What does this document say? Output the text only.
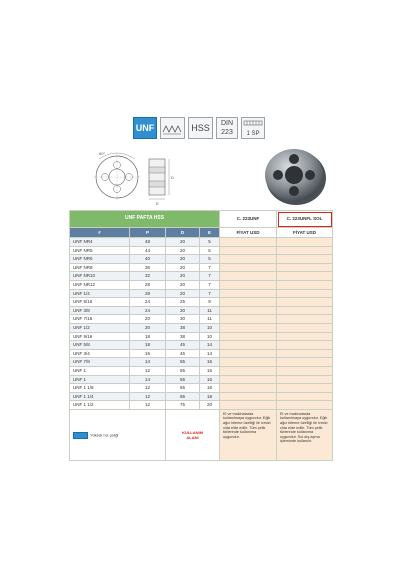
UNF	HSS	DIN
223	1 SP
60°
E
D
UNF PAFTA HSS				C. 223UNF	C. 223UNFL SOL
#	P	D	E	FİYAT USD	FİYAT USD
UNF NR4	48	20	5		
UNF NR5	44	20	5		
UNF NR6	40	20	5		
UNF NR8	36	20	7		
UNF NR10	32	20	7		
UNF NR12	28	20	7		
UNF 1/4	28	20	7		
UNF 5/16	24	25	9		
UNF 3/8	24	30	11		
UNF 7/16	20	30	11		
UNF 1/2	20	38	10		
UNF 9/16	18	38	10		
UNF 5/8	18	45	14		
UNF 3/4	16	45	14		
UNF 7/8	14	55	16		
UNF 1	12	55	16		
UNF 1	14	55	16		
UNF 1 1/8	12	65	18		
UNF 1 1/4	12	65	18		
UNF 1 1/2	12	75	20		
Yüksek hız çeliği		KULLANIM
ALANI		El ve makinalarda kullanılmaya uygundur. Eğik ağız bileme özelliği ile ivmizi vida elde edilir. Tüm çelik türlerinde kullanıma uygundur.	El ve makinalarda kullanılmaya uygundur. Eğik ağız bileme özelliği ile ivmizi vida elde edilir. Tüm çelik türlerinde kullanıma uygundur. Sol dış açma işleminde kullanılır.
